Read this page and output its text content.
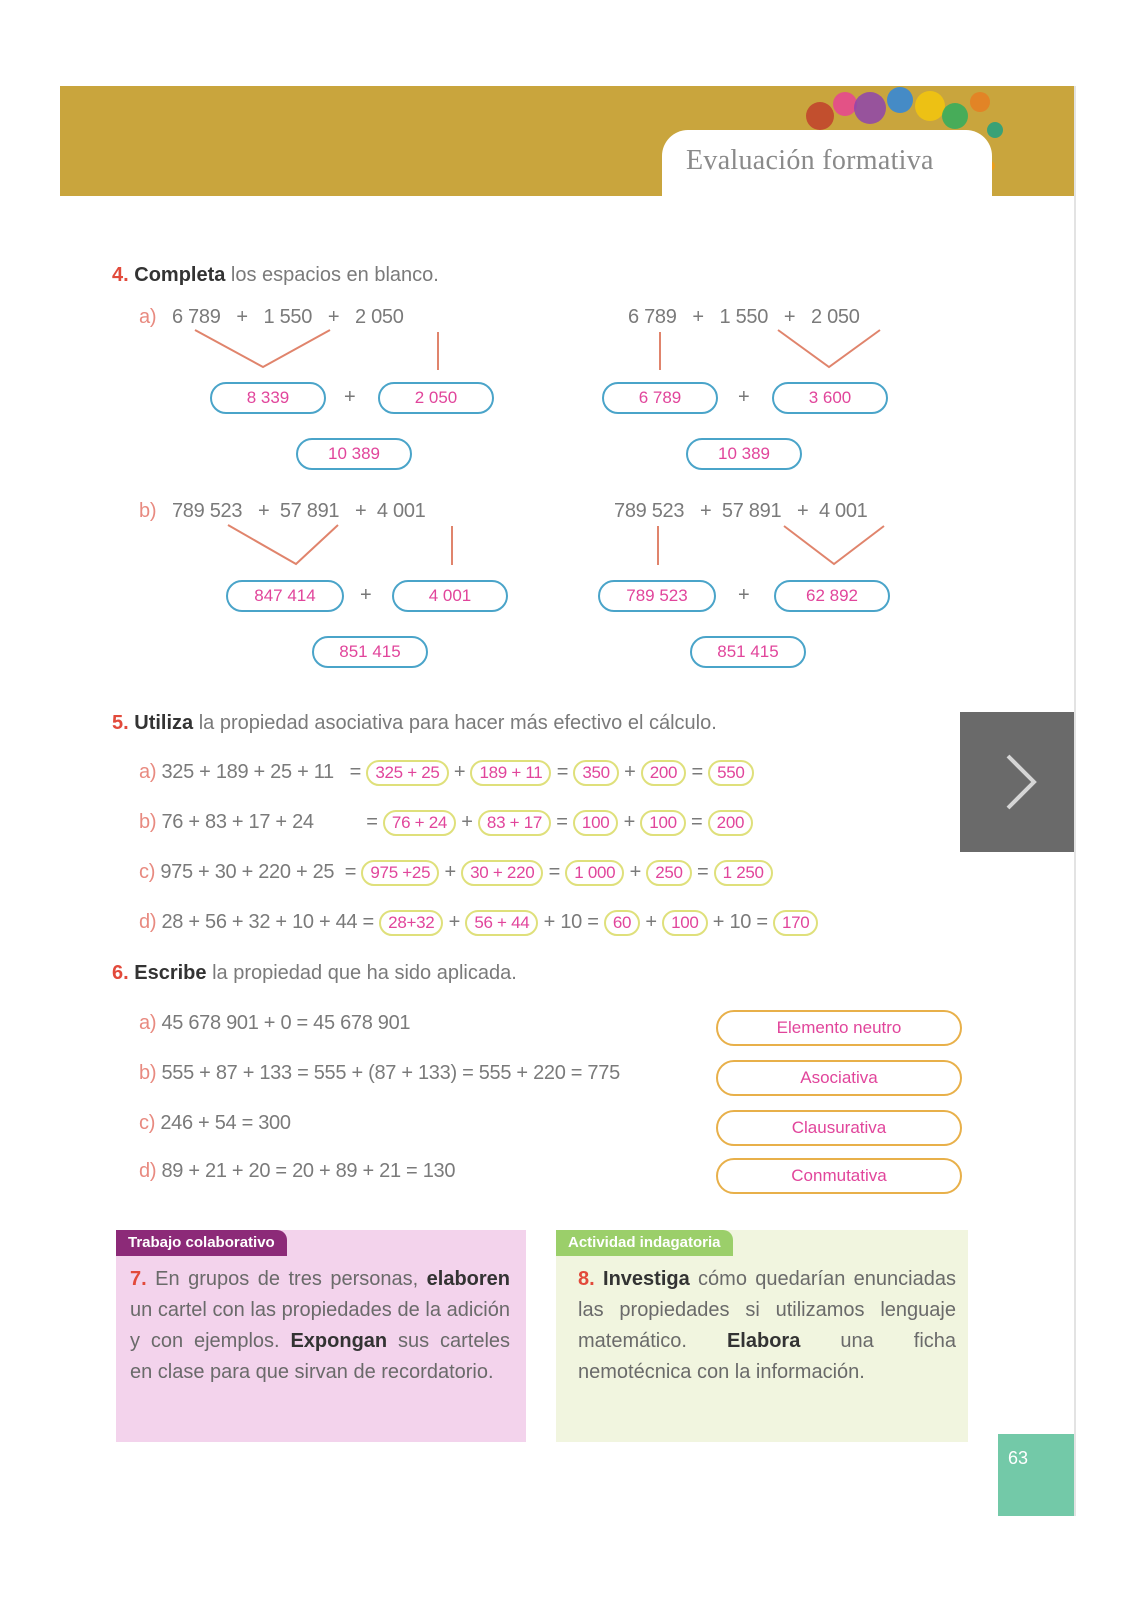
Evaluación formativa
4. Completa los espacios en blanco.
a) 6 789 + 1 550 + 2 050
8 339	+	2 050
10 389
6 789 + 1 550 + 2 050
6 789	+	3 600
10 389
b) 789 523 + 57 891 + 4 001
847 414	+	4 001
851 415
789 523 + 57 891 + 4 001
789 523	+	62 892
851 415
5. Utiliza la propiedad asociativa para hacer más efectivo el cálculo.
a) 325 + 189 + 25 + 11   = 325 + 25 + 189 + 11 = 350 + 200 = 550
b) 76 + 83 + 17 + 24          = 76 + 24 + 83 + 17 = 100 + 100 = 200
c) 975 + 30 + 220 + 25  = 975 +25 + 30 + 220 = 1 000 + 250 = 1 250
d) 28 + 56 + 32 + 10 + 44 = 28+32 + 56 + 44 + 10 = 60 + 100 + 10 = 170
6. Escribe la propiedad que ha sido aplicada.
a) 45 678 901 + 0 = 45 678 901	Elemento neutro
b) 555 + 87 + 133 = 555 + (87 + 133) = 555 + 220 = 775	Asociativa
c) 246 + 54 = 300	Clausurativa
d) 89 + 21 + 20 = 20 + 89 + 21 = 130	Conmutativa
Trabajo colaborativo
7. En grupos de tres personas, elaboren un cartel con las propiedades de la adición y con ejemplos. Expongan sus carteles en clase para que sirvan de recordatorio.
Actividad indagatoria
8. Investiga cómo quedarían enunciadas las propiedades si utilizamos lenguaje matemático. Elabora una ficha nemotécnica con la información.
63
